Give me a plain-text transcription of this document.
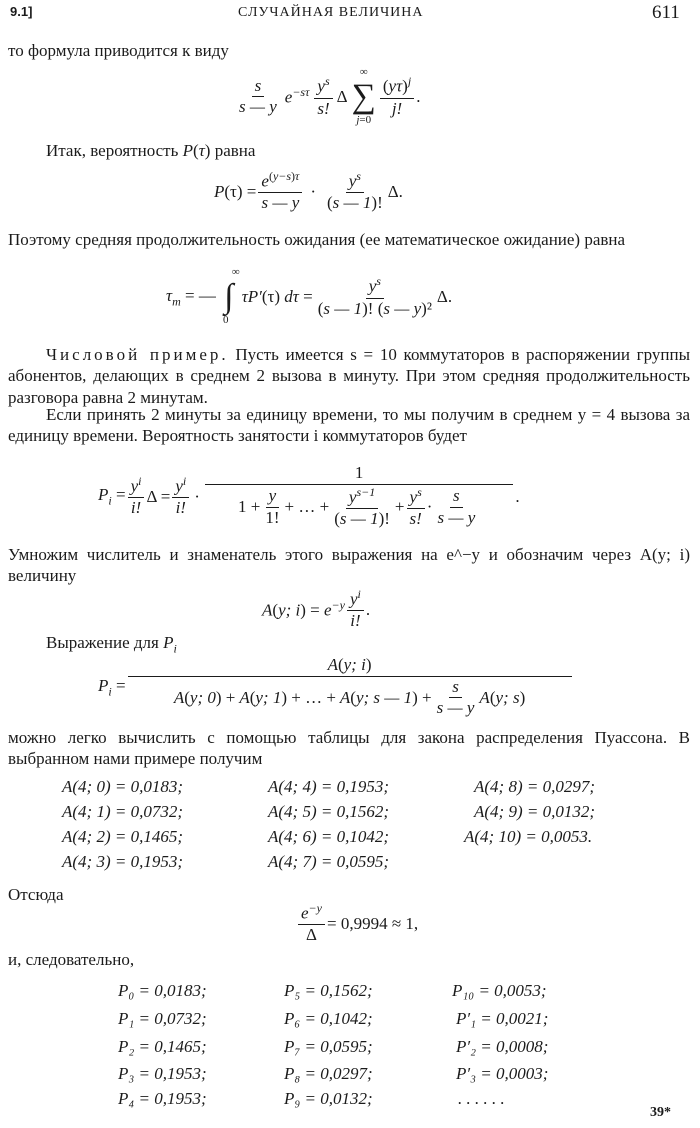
9.1]	СЛУЧАЙНАЯ ВЕЛИЧИНА	611
то формула приводится к виду
$\frac{s}{s — y} e^{-s\tau} \frac{y^s}{s!}$ Δ
∞
∑
j=0
$\frac{(y\tau)^j}{j!}$ .
Итак, вероятность P(τ) равна
$P(\tau) = \frac{e^{(y-s)\tau}}{s — y} \cdot \frac{y^s}{(s — 1)!} \Delta$.
Поэтому средняя продолжительность ожидания (ее математическое ожидание) равна
$\tau_m$ = —
∞
∫
0
τP′(τ) $d\tau = \frac{y^s}{\text{(s — 1)! (s — y)²}} \Delta$.
Числовой пример. Пусть имеется s = 10 коммутаторов в распоряжении группы абонентов, делающих в среднем 2 вызова в минуту. При этом средняя продолжительность разговора равна 2 минутам.
Если принять 2 минуты за единицу времени, то мы получим в среднем y = 4 вызова за единицу времени. Вероятность занятости i коммутаторов будет
$P_i = \frac{y^i}{i!}$ $\Delta = \frac{y^i}{i!}$ ·
1
$1 + \frac{y}{1!}$ + … + $\frac{y^{s-1}}{(s — 1)!} + \frac{y^s}{s!} \cdot \frac{s}{s — y}$ .
Умножим числитель и знаменатель этого выражения на e^−y и обозначим через A(y; i) величину
A(y; $i) = e^{-y} \frac{y^i}{i!}$ .
Выражение для $P_i$
$P_i$ =
A(y; i)
A(y; 0) + A(y; 1) + … + A(y; s — $1) + \frac{s}{s — y} A(y$; s)
можно легко вычислить с помощью таблицы для закона распределения Пуассона. В выбранном нами примере получим
A(4; 0) = 0,0183;	A(4; 4) = 0,1953;	A(4; 8) = 0,0297;
A(4; 1) = 0,0732;	A(4; 5) = 0,1562;	A(4; 9) = 0,0132;
A(4; 2) = 0,1465;	A(4; 6) = 0,1042;	A(4; 10) = 0,0053.
A(4; 3) = 0,1953;	A(4; 7) = 0,0595;
Отсюда
$\frac{e^{-y}}{\Delta} = 0,9994 \approx 1$,
и, следовательно,
P₀ = 0,0183;	P₅ = 0,1562;	P₁₀ = 0,0053;
P₁ = 0,0732;	P₆ = 0,1042;	P′₁ = 0,0021;
P₂ = 0,1465;	P₇ = 0,0595;	P′₂ = 0,0008;
P₃ = 0,1953;	P₈ = 0,0297;	P′₃ = 0,0003;
P₄ = 0,1953;	P₉ = 0,0132;	. . . . . .
39*
